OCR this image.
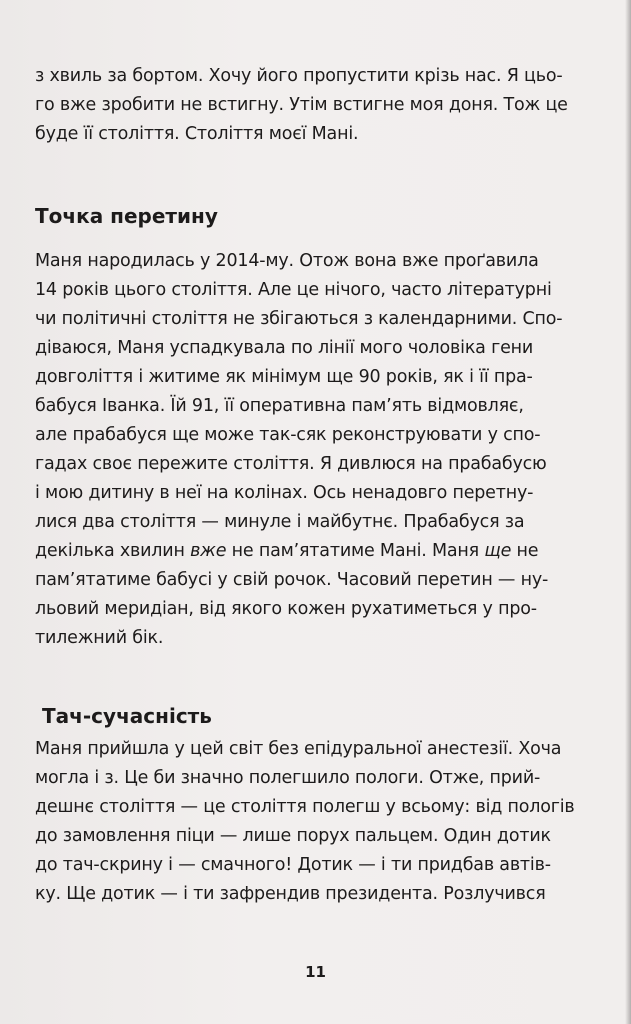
з хвиль за бортом. Хочу його пропустити крізь нас. Я цьо-
го вже зробити не встигну. Утім встигне моя доня. Тож це
буде її століття. Століття моєї Мані.
Точка перетину
Маня народилась у 2014-му. Отож вона вже проґавила
14 років цього століття. Але це нічого, часто літературні
чи політичні століття не збігаються з календарними. Спо-
діваюся, Маня успадкувала по лінії мого чоловіка гени
довголіття і житиме як мінімум ще 90 років, як і її пра-
бабуся Іванка. Їй 91, її оперативна пам’ять відмовляє,
але прабабуся ще може так-сяк реконструювати у спо-
гадах своє пережите століття. Я дивлюся на прабабусю
і мою дитину в неї на колінах. Ось ненадовго перетну-
лися два століття — минуле і майбутнє. Прабабуся за
декілька хвилин вже не пам’ятатиме Мані. Маня ще не
пам’ятатиме бабусі у свій рочок. Часовий перетин — ну-
льовий меридіан, від якого кожен рухатиметься у про-
тилежний бік.
Тач-сучасність
Маня прийшла у цей світ без епідуральної анестезії. Хоча
могла і з. Це би значно полегшило пологи. Отже, прий-
дешнє століття — це століття полегш у всьому: від пологів
до замовлення піци — лише порух пальцем. Один дотик
до тач-скрину і — смачного! Дотик — і ти придбав автів-
ку. Ще дотик — і ти зафрендив президента. Розлучився
11
